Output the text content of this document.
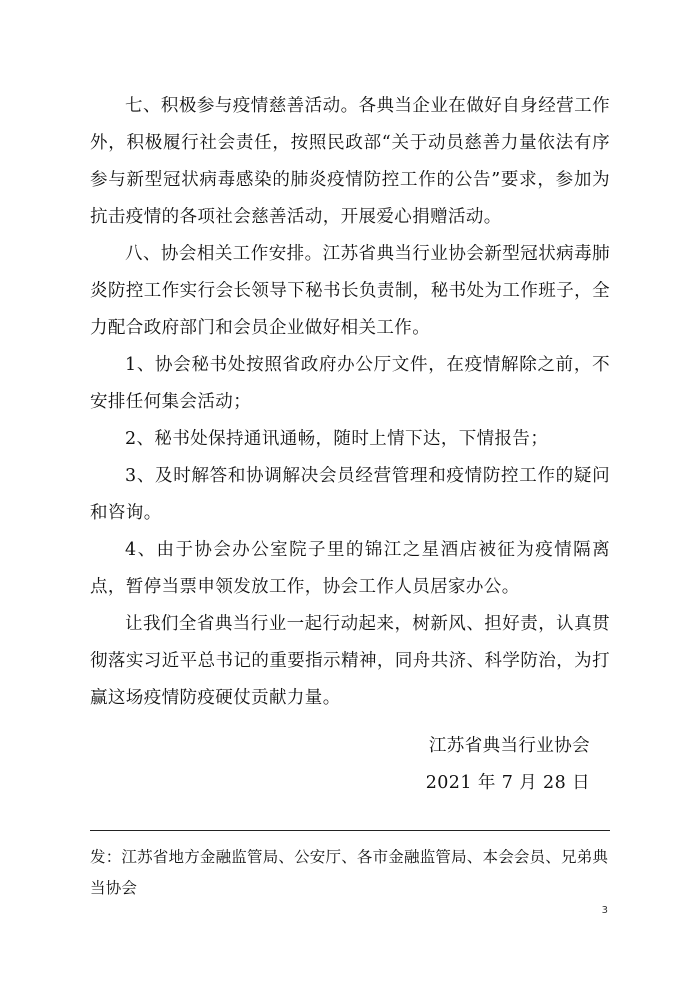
七、积极参与疫情慈善活动。各典当企业在做好自身经营工作外，积极履行社会责任，按照民政部“关于动员慈善力量依法有序参与新型冠状病毒感染的肺炎疫情防控工作的公告”要求，参加为抗击疫情的各项社会慈善活动，开展爱心捐赠活动。

八、协会相关工作安排。江苏省典当行业协会新型冠状病毒肺炎防控工作实行会长领导下秘书长负责制，秘书处为工作班子，全力配合政府部门和会员企业做好相关工作。

1、协会秘书处按照省政府办公厅文件，在疫情解除之前，不安排任何集会活动；

2、秘书处保持通讯通畅，随时上情下达，下情报告；

3、及时解答和协调解决会员经营管理和疫情防控工作的疑问和咨询。

4、由于协会办公室院子里的锦江之星酒店被征为疫情隔离点，暂停当票申领发放工作，协会工作人员居家办公。

让我们全省典当行业一起行动起来，树新风、担好责，认真贯彻落实习近平总书记的重要指示精神，同舟共济、科学防治，为打赢这场疫情防疫硬仗贡献力量。

江苏省典当行业协会
2021 年 7 月 28 日
发：江苏省地方金融监管局、公安厅、各市金融监管局、本会会员、兄弟典当协会
3
